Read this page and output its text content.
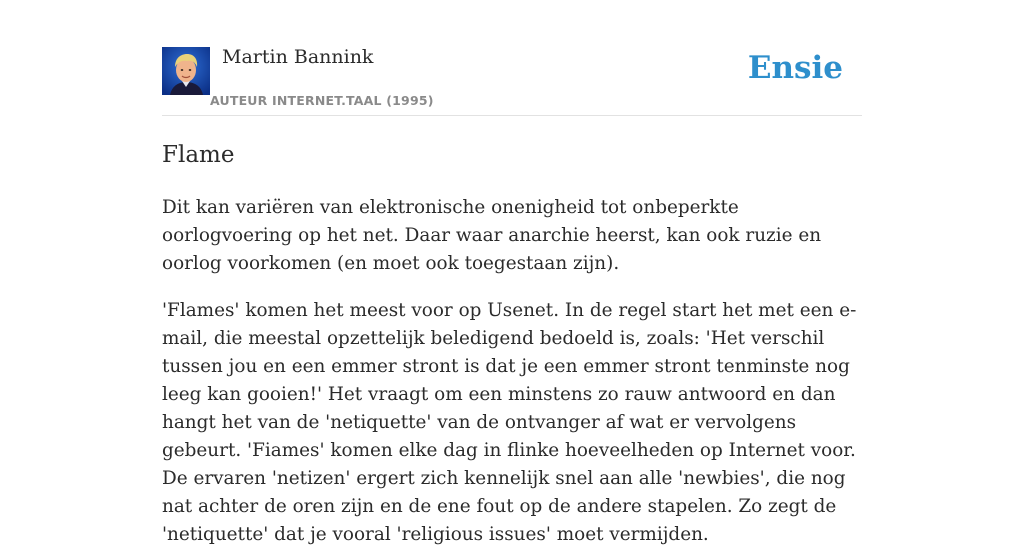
Martin Bannink
AUTEUR INTERNET.TAAL (1995)
Ensie
Flame

Dit kan variëren van elektronische onenigheid tot onbeperkte oorlogvoering op het net. Daar waar anarchie heerst, kan ook ruzie en oorlog voorkomen (en moet ook toegestaan zijn).

'Flames' komen het meest voor op Usenet. In de regel start het met een e-mail, die meestal opzettelijk beledigend bedoeld is, zoals: 'Het verschil tussen jou en een emmer stront is dat je een emmer stront tenminste nog leeg kan gooien!' Het vraagt om een minstens zo rauw antwoord en dan hangt het van de 'netiquette' van de ontvanger af wat er vervolgens gebeurt. 'Fiames' komen elke dag in flinke hoeveelheden op Internet voor. De ervaren 'netizen' ergert zich kennelijk snel aan alle 'newbies', die nog nat achter de oren zijn en de ene fout op de andere stapelen. Zo zegt de 'netiquette' dat je vooral 'religious issues' moet vermijden.
